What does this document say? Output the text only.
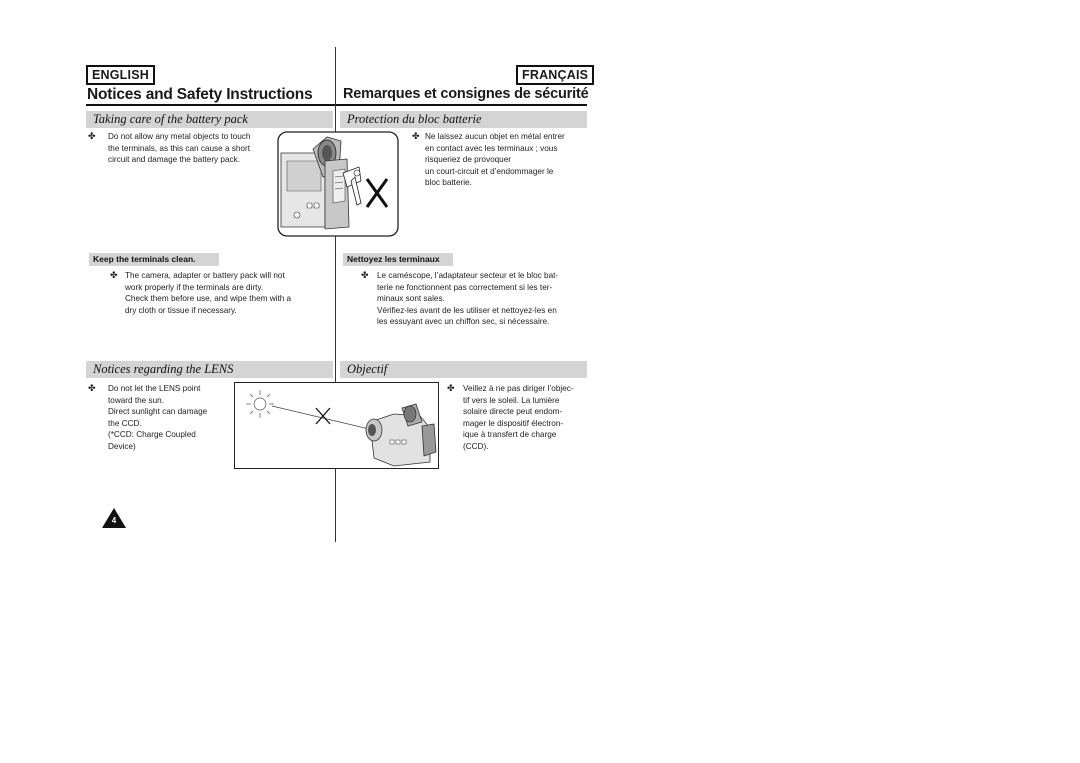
ENGLISH	FRANÇAIS
Notices and Safety Instructions Remarques et consignes de sécurité
Taking care of the battery pack	Protection du bloc batterie
✤ Do not allow any metal objects to touch
the terminals, as this can cause a short
circuit and damage the battery pack.
✤ Ne laissez aucun objet en métal entrer
en contact avec les terminaux ; vous
risqueriez de provoquer
un court-circuit et d’endommager le
bloc batterie.
Keep the terminals clean.	Nettoyez les terminaux
✤ The camera, adapter or battery pack will not
work properly if the terminals are dirty.
Check them before use, and wipe them with a
dry cloth or tissue if necessary.
✤ Le caméscope, l’adaptateur secteur et le bloc bat-
terie ne fonctionnent pas correctement si les ter-
minaux sont sales.
Vérifiez-les avant de les utiliser et nettoyez-les en
les essuyant avec un chiffon sec, si nécessaire.
Notices regarding the LENS	Objectif
✤ Do not let the LENS point
toward the sun.
Direct sunlight can damage
the CCD.
(*CCD: Charge Coupled
Device)
✤ Veillez à ne pas diriger l’objec-
tif vers le soleil. La lumière
solaire directe peut endom-
mager le dispositif électron-
ique à transfert de charge
(CCD).
4
